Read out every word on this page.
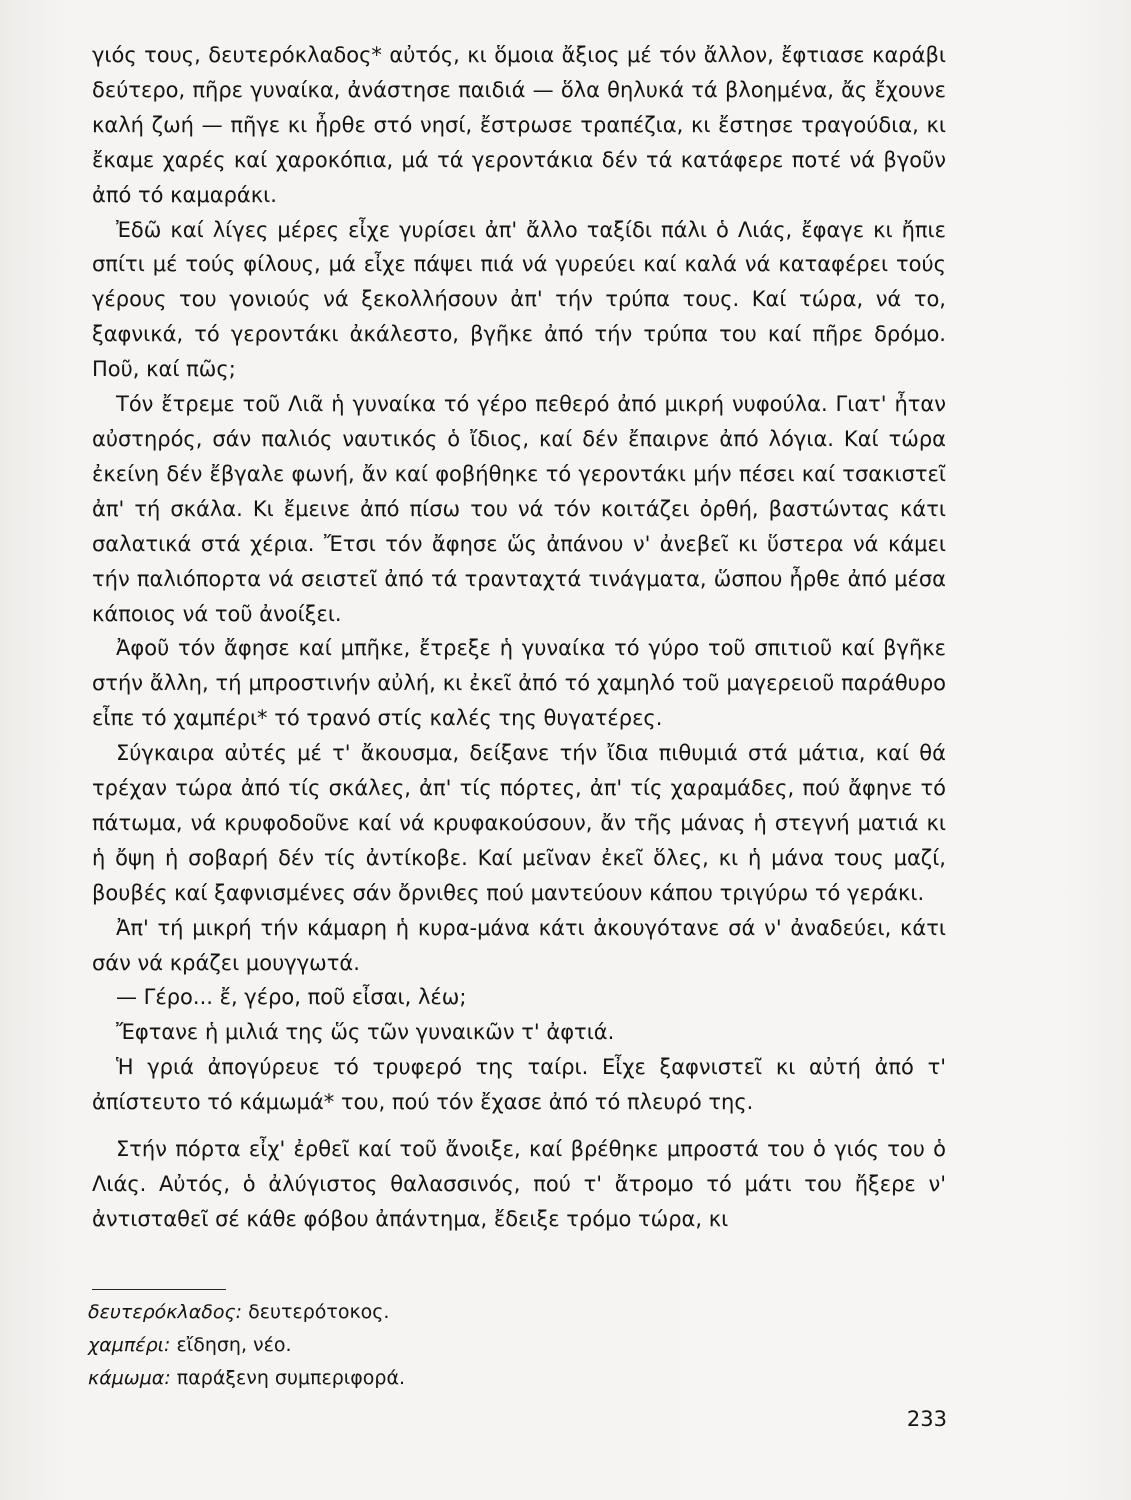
γιός τους, δευτερόκλαδος* αὐτός, κι ὅμοια ἄξιος μέ τόν ἄλλον, ἔφτιασε καράβι δεύτερο, πῆρε γυναίκα, ἀνάστησε παιδιά — ὅλα θηλυκά τά βλοημένα, ἄς ἔχουνε καλή ζωή — πῆγε κι ἦρθε στό νησί, ἔστρωσε τραπέζια, κι ἔστησε τραγούδια, κι ἔκαμε χαρές καί χαροκόπια, μά τά γεροντάκια δέν τά κατάφερε ποτέ νά βγοῦν ἀπό τό καμαράκι.

Ἐδῶ καί λίγες μέρες εἶχε γυρίσει ἀπ' ἄλλο ταξίδι πάλι ὁ Λιάς, ἔφαγε κι ἤπιε σπίτι μέ τούς φίλους, μά εἶχε πάψει πιά νά γυρεύει καί καλά νά καταφέρει τούς γέρους του γονιούς νά ξεκολλήσουν ἀπ' τήν τρύπα τους. Καί τώρα, νά το, ξαφνικά, τό γεροντάκι ἀκάλεστο, βγῆκε ἀπό τήν τρύπα του καί πῆρε δρόμο. Ποῦ, καί πῶς;

Τόν ἔτρεμε τοῦ Λιᾶ ἡ γυναίκα τό γέρο πεθερό ἀπό μικρή νυφούλα. Γιατ' ἦταν αὐστηρός, σάν παλιός ναυτικός ὁ ἴδιος, καί δέν ἔπαιρνε ἀπό λόγια. Καί τώρα ἐκείνη δέν ἔβγαλε φωνή, ἄν καί φοβήθηκε τό γεροντάκι μήν πέσει καί τσακιστεῖ ἀπ' τή σκάλα. Κι ἔμεινε ἀπό πίσω του νά τόν κοιτάζει ὀρθή, βαστώντας κάτι σαλατικά στά χέρια. Ἔτσι τόν ἄφησε ὥς ἀπάνου ν' ἀνεβεῖ κι ὕστερα νά κάμει τήν παλιόπορτα νά σειστεῖ ἀπό τά τρανταχτά τινάγματα, ὥσπου ἦρθε ἀπό μέσα κάποιος νά τοῦ ἀνοίξει.

Ἀφοῦ τόν ἄφησε καί μπῆκε, ἔτρεξε ἡ γυναίκα τό γύρο τοῦ σπιτιοῦ καί βγῆκε στήν ἄλλη, τή μπροστινήν αὐλή, κι ἐκεῖ ἀπό τό χαμηλό τοῦ μαγερειοῦ παράθυρο εἶπε τό χαμπέρι* τό τρανό στίς καλές της θυγατέρες.

Σύγκαιρα αὐτές μέ τ' ἄκουσμα, δείξανε τήν ἴδια πιθυμιά στά μάτια, καί θά τρέχαν τώρα ἀπό τίς σκάλες, ἀπ' τίς πόρτες, ἀπ' τίς χαραμάδες, πού ἄφηνε τό πάτωμα, νά κρυφοδοῦνε καί νά κρυφακούσουν, ἄν τῆς μάνας ἡ στεγνή ματιά κι ἡ ὄψη ἡ σοβαρή δέν τίς ἀντίκοβε. Καί μεῖναν ἐκεῖ ὅλες, κι ἡ μάνα τους μαζί, βουβές καί ξαφνισμένες σάν ὄρνιθες πού μαντεύουν κάπου τριγύρω τό γεράκι.

Ἀπ' τή μικρή τήν κάμαρη ἡ κυρα-μάνα κάτι ἀκουγότανε σά ν' ἀναδεύει, κάτι σάν νά κράζει μουγγωτά.

— Γέρο... ἔ, γέρο, ποῦ εἶσαι, λέω;

Ἔφτανε ἡ μιλιά της ὥς τῶν γυναικῶν τ' ἀφτιά.

Ἡ γριά ἀπογύρευε τό τρυφερό της ταίρι. Εἶχε ξαφνιστεῖ κι αὐτή ἀπό τ' ἀπίστευτο τό κάμωμά* του, πού τόν ἔχασε ἀπό τό πλευρό της.

Στήν πόρτα εἶχ' ἐρθεῖ καί τοῦ ἄνοιξε, καί βρέθηκε μπροστά του ὁ γιός του ὁ Λιάς. Αὐτός, ὁ ἀλύγιστος θαλασσινός, πού τ' ἄτρομο τό μάτι του ἤξερε ν' ἀντισταθεῖ σέ κάθε φόβου ἀπάντημα, ἔδειξε τρόμο τώρα, κι

δευτερόκλαδος: δευτερότοκος.
χαμπέρι: εἴδηση, νέο.
κάμωμα: παράξενη συμπεριφορά.
233
